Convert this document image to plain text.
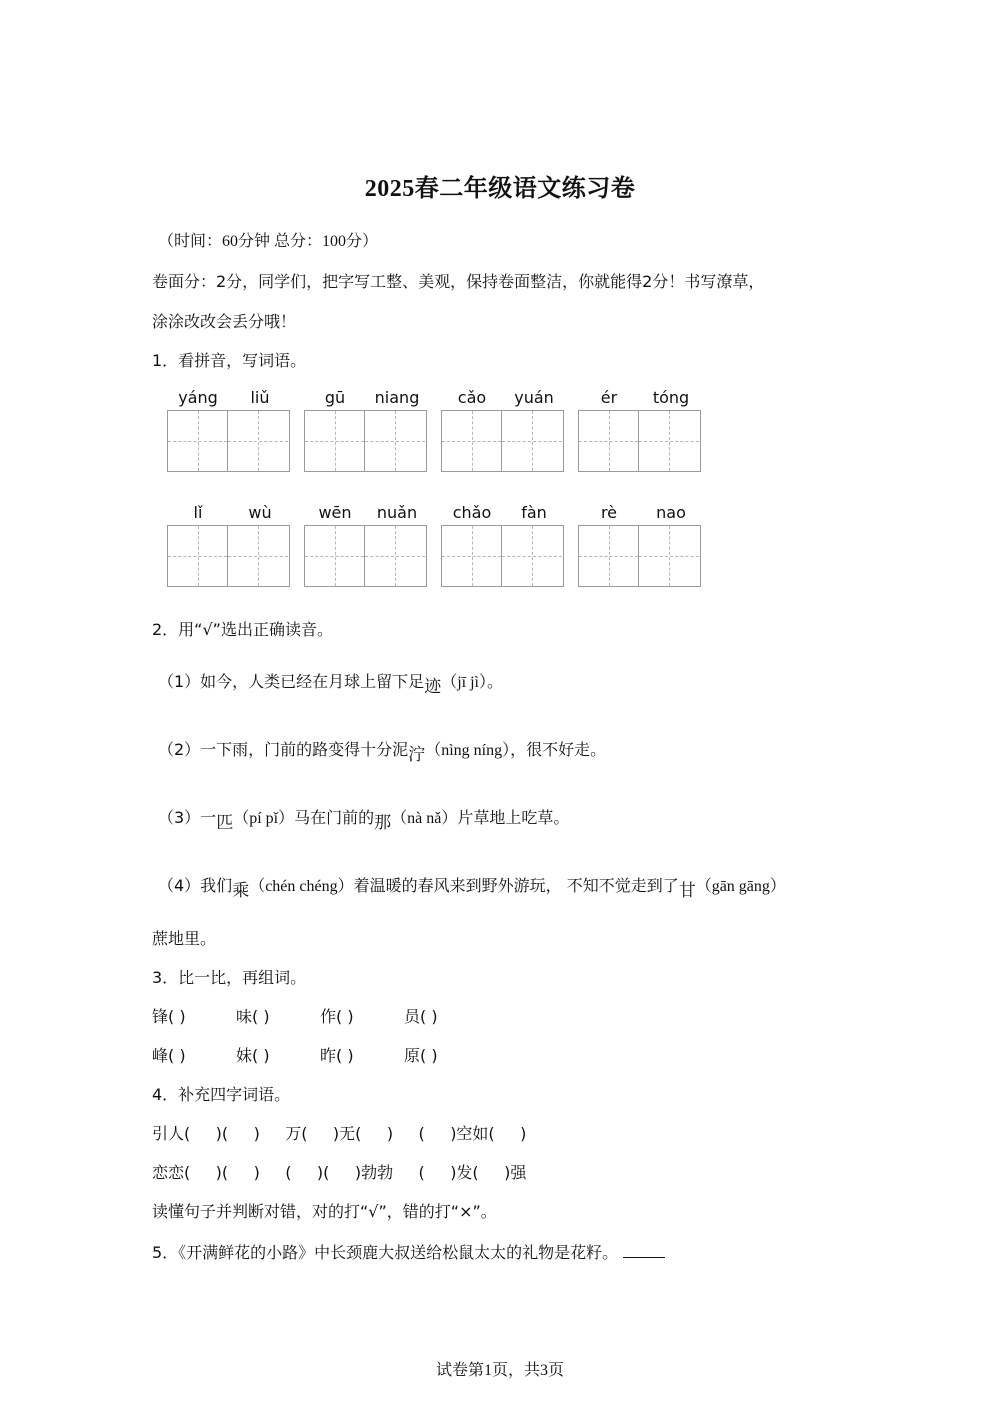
2025春二年级语文练习卷
（时间：60分钟 总分：100分）
卷面分：2分，同学们，把字写工整、美观，保持卷面整洁，你就能得2分！书写潦草，
涂涂改改会丢分哦！
1．看拼音，写词语。
yáng	liǔ	gū	niang	cǎo	yuán	ér	tóng
lǐ	wù	wēn	nuǎn	chǎo	fàn	rè	nao
2．用“√”选出正确读音。
（1）如今，人类已经在月球上留下足迹（jī jì）。
（2）一下雨，门前的路变得十分泥泞（nìng níng），很不好走。
（3）一匹（pí pǐ）马在门前的那（nà nǎ）片草地上吃草。
（4）我们乘（chén chéng）着温暖的春风来到野外游玩， 不知不觉走到了甘（gān gāng）
蔗地里。
3．比一比，再组词。
锋( )	味( )	作( )	员( )
峰( )	妹( )	昨( )	原( )
4．补充四字词语。
引人(     )(     )     万(     )无(     )     (     )空如(     )
恋恋(     )(     )     (     )(     )勃勃     (     )发(     )强
读懂句子并判断对错，对的打“√”，错的打“×”。
5．《开满鲜花的小路》中长颈鹿大叔送给松鼠太太的礼物是花籽。
试卷第1页，共3页
